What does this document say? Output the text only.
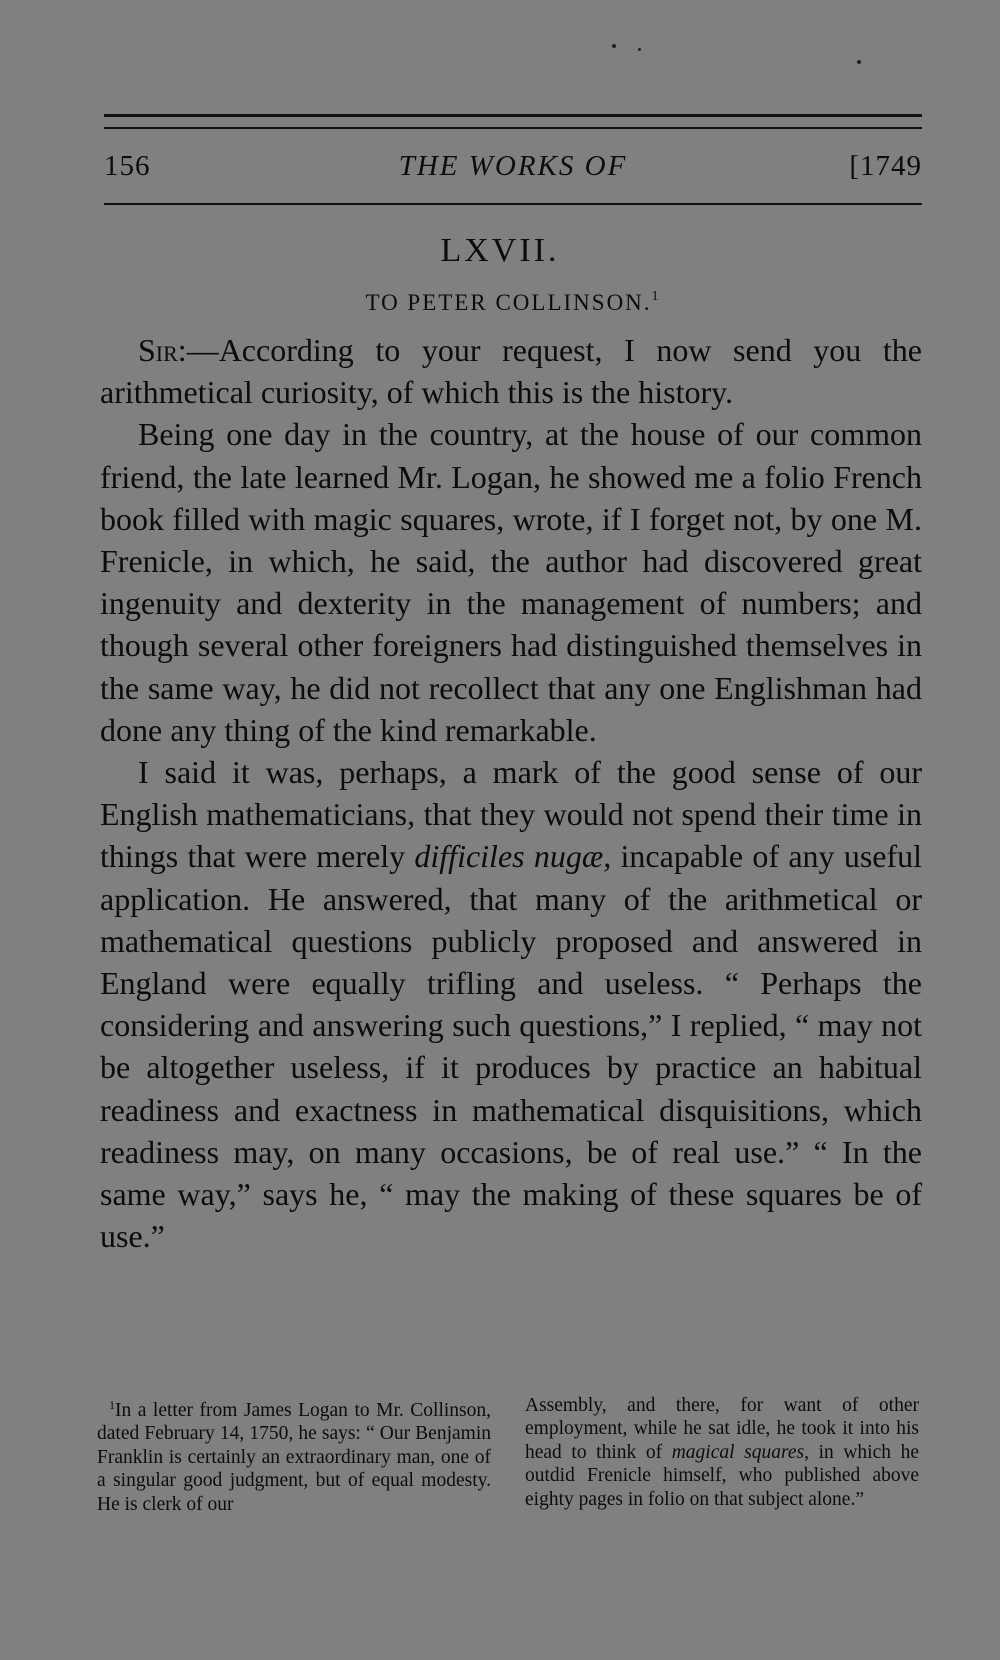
156	THE WORKS OF	[1749
LXVII.
TO PETER COLLINSON.$^1$

Sir:—According to your request, I now send you the arithmetical curiosity, of which this is the history.

Being one day in the country, at the house of our common friend, the late learned Mr. Logan, he showed me a folio French book filled with magic squares, wrote, if I forget not, by one M. Frenicle, in which, he said, the author had discovered great ingenuity and dexterity in the management of numbers; and though several other foreigners had distinguished themselves in the same way, he did not recollect that any one Englishman had done any thing of the kind remarkable.

I said it was, perhaps, a mark of the good sense of our English mathematicians, that they would not spend their time in things that were merely difficiles nugæ, incapable of any useful application. He answered, that many of the arithmetical or mathematical questions publicly proposed and answered in England were equally trifling and useless. “ Perhaps the considering and answering such questions,” I replied, “ may not be altogether useless, if it produces by practice an habitual readiness and exactness in mathematical disquisitions, which readiness may, on many occasions, be of real use.” “ In the same way,” says he, “ may the making of these squares be of use.”

$^1$In a letter from James Logan to Mr. Collinson, dated February 14, 1750, he says: “ Our Benjamin Franklin is certainly an extraordinary man, one of a singular good judgment, but of equal modesty. He is clerk of our
Assembly, and there, for want of other employment, while he sat idle, he took it into his head to think of magical squares, in which he outdid Frenicle himself, who published above eighty pages in folio on that subject alone.”
